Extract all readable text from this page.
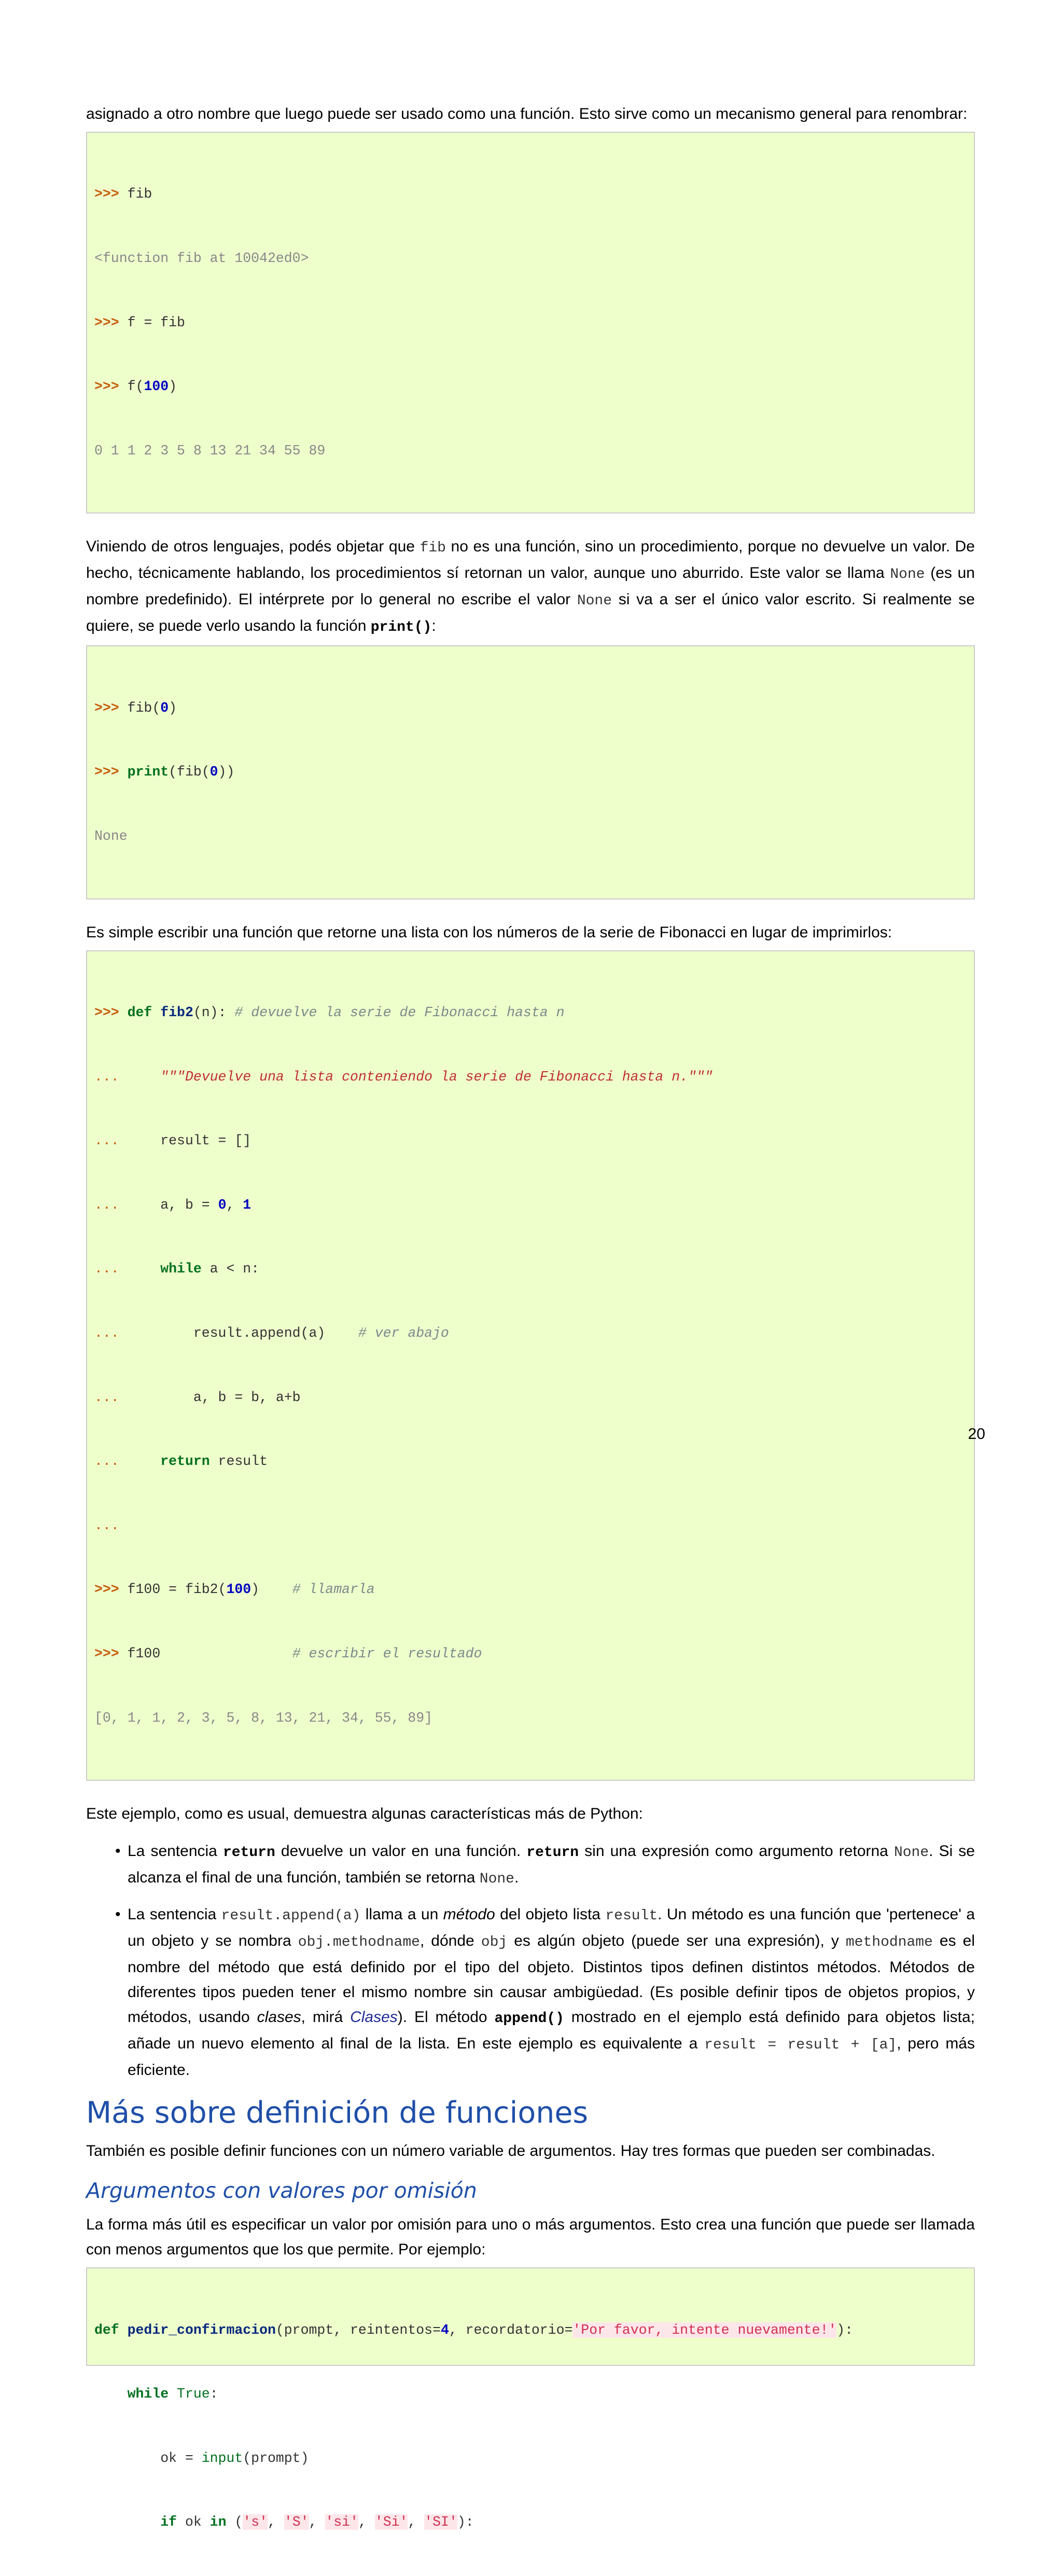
asignado a otro nombre que luego puede ser usado como una función. Esto sirve como un mecanismo general para renombrar:

>>> fib

<function fib at 10042ed0>

>>> f = fib

>>> f(100)

0 1 1 2 3 5 8 13 21 34 55 89

Viniendo de otros lenguajes, podés objetar que fib no es una función, sino un procedimiento, porque no devuelve un valor. De hecho, técnicamente hablando, los procedimientos sí retornan un valor, aunque uno aburrido. Este valor se llama None (es un nombre predefinido). El intérprete por lo general no escribe el valor None si va a ser el único valor escrito. Si realmente se quiere, se puede verlo usando la función print():

>>> fib(0)

>>> print(fib(0))

None

Es simple escribir una función que retorne una lista con los números de la serie de Fibonacci en lugar de imprimirlos:

>>> def fib2(n): # devuelve la serie de Fibonacci hasta n

...	"""Devuelve una lista conteniendo la serie de Fibonacci hasta n."""

...	result = []

...	a, b = 0, 1

...	while a < n:

...	result.append(a)    # ver abajo

...	a, b = b, a+b

...	return result

...

>>> f100 = fib2(100)    # llamarla

>>> f100                # escribir el resultado

[0, 1, 1, 2, 3, 5, 8, 13, 21, 34, 55, 89]

Este ejemplo, como es usual, demuestra algunas características más de Python:

• La sentencia return devuelve un valor en una función. return sin una expresión como argumento retorna None. Si se alcanza el final de una función, también se retorna None.
• La sentencia result.append(a) llama a un método del objeto lista result. Un método es una función que 'pertenece' a un objeto y se nombra obj.methodname, dónde obj es algún objeto (puede ser una expresión), y methodname es el nombre del método que está definido por el tipo del objeto. Distintos tipos definen distintos métodos. Métodos de diferentes tipos pueden tener el mismo nombre sin causar ambigüedad. (Es posible definir tipos de objetos propios, y métodos, usando clases, mirá Clases). El método append() mostrado en el ejemplo está definido para objetos lista; añade un nuevo elemento al final de la lista. En este ejemplo es equivalente a result = result + [a], pero más eficiente.
Más sobre definición de funciones

También es posible definir funciones con un número variable de argumentos. Hay tres formas que pueden ser combinadas.

Argumentos con valores por omisión

La forma más útil es especificar un valor por omisión para uno o más argumentos. Esto crea una función que puede ser llamada con menos argumentos que los que permite. Por ejemplo:

def pedir_confirmacion(prompt, reintentos=4, recordatorio='Por favor, intente nuevamente!'):

while True:

ok = input(prompt)

if ok in ('s', 'S', 'si', 'Si', 'SI'):

20
